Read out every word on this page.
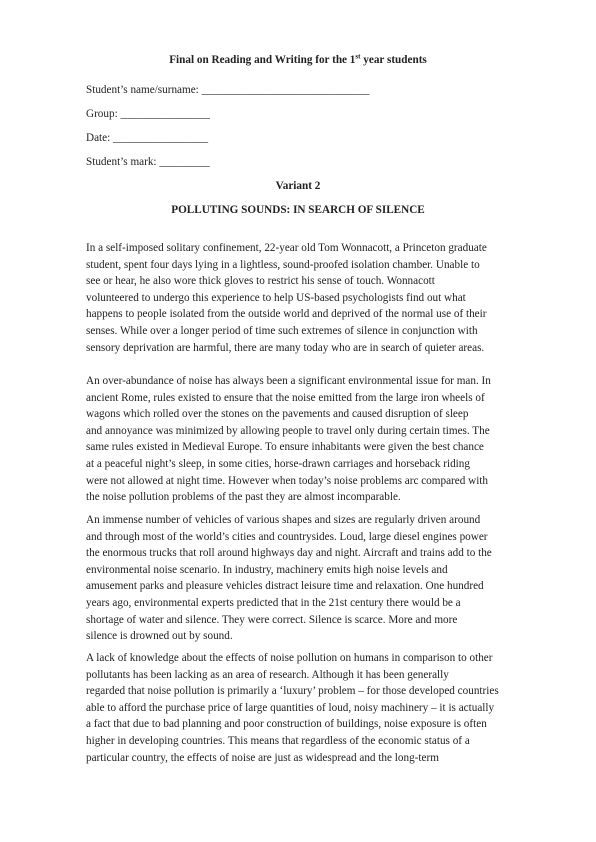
Final on Reading and Writing for the 1st year students
Student’s name/surname: ______________________________
Group: ________________
Date: _________________
Student’s mark: _________
Variant 2
POLLUTING SOUNDS: IN SEARCH OF SILENCE
In a self-imposed solitary confinement, 22-year old Tom Wonnacott, a Princeton graduate
student, spent four days lying in a lightless, sound-proofed isolation chamber. Unable to
see or hear, he also wore thick gloves to restrict his sense of touch. Wonnacott
volunteered to undergo this experience to help US-based psychologists find out what
happens to people isolated from the outside world and deprived of the normal use of their
senses. While over a longer period of time such extremes of silence in conjunction with
sensory deprivation are harmful, there are many today who are in search of quieter areas.
An over-abundance of noise has always been a significant environmental issue for man. In
ancient Rome, rules existed to ensure that the noise emitted from the large iron wheels of
wagons which rolled over the stones on the pavements and caused disruption of sleep
and annoyance was minimized by allowing people to travel only during certain times. The
same rules existed in Medieval Europe. To ensure inhabitants were given the best chance
at a peaceful night’s sleep, in some cities, horse-drawn carriages and horseback riding
were not allowed at night time. However when today’s noise problems arc compared with
the noise pollution problems of the past they are almost incomparable.
An immense number of vehicles of various shapes and sizes are regularly driven around
and through most of the world’s cities and countrysides. Loud, large diesel engines power
the enormous trucks that roll around highways day and night. Aircraft and trains add to the
environmental noise scenario. In industry, machinery emits high noise levels and
amusement parks and pleasure vehicles distract leisure time and relaxation. One hundred
years ago, environmental experts predicted that in the 21st century there would be a
shortage of water and silence. They were correct. Silence is scarce. More and more
silence is drowned out by sound.
A lack of knowledge about the effects of noise pollution on humans in comparison to other
pollutants has been lacking as an area of research. Although it has been generally
regarded that noise pollution is primarily a ‘luxury’ problem – for those developed countries
able to afford the purchase price of large quantities of loud, noisy machinery – it is actually
a fact that due to bad planning and poor construction of buildings, noise exposure is often
higher in developing countries. This means that regardless of the economic status of a
particular country, the effects of noise are just as widespread and the long-term
